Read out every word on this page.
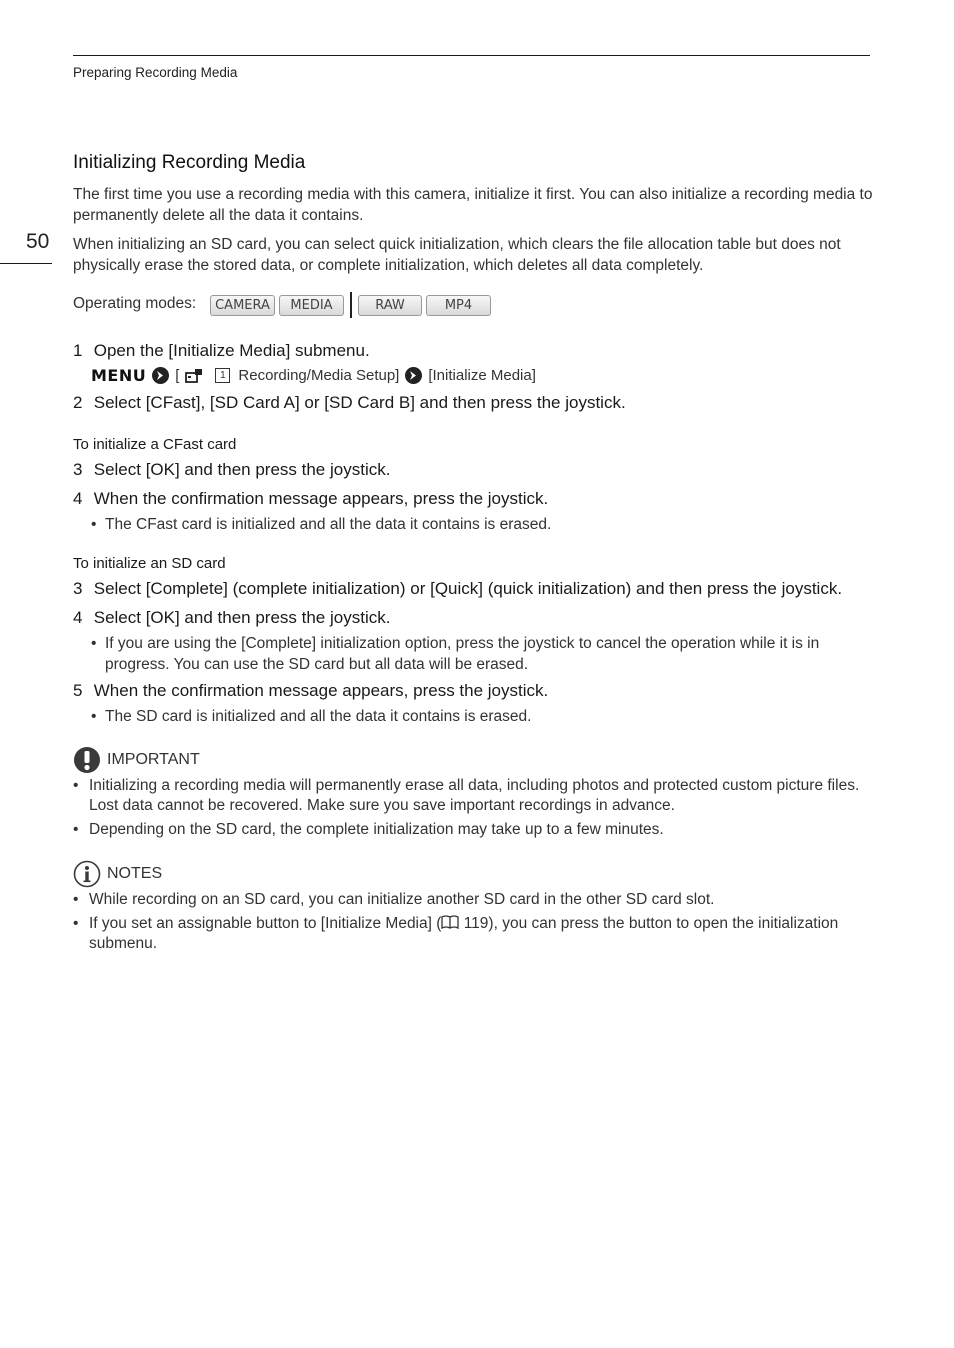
Preparing Recording Media
50
Initializing Recording Media
The first time you use a recording media with this camera, initialize it first. You can also initialize a recording media to permanently delete all the data it contains.
When initializing an SD card, you can select quick initialization, which clears the file allocation table but does not physically erase the stored data, or complete initialization, which deletes all data completely.
Operating modes:	CAMERA	MEDIA	RAW	MP4
1 Open the [Initialize Media] submenu.
MENU [	1 Recording/Media Setup] [Initialize Media]
2 Select [CFast], [SD Card A] or [SD Card B] and then press the joystick.
To initialize a CFast card
3 Select [OK] and then press the joystick.
4 When the confirmation message appears, press the joystick.
• The CFast card is initialized and all the data it contains is erased.
To initialize an SD card
3 Select [Complete] (complete initialization) or [Quick] (quick initialization) and then press the joystick.
4 Select [OK] and then press the joystick.
• If you are using the [Complete] initialization option, press the joystick to cancel the operation while it is in progress. You can use the SD card but all data will be erased.
5 When the confirmation message appears, press the joystick.
• The SD card is initialized and all the data it contains is erased.
IMPORTANT
• Initializing a recording media will permanently erase all data, including photos and protected custom picture files. Lost data cannot be recovered. Make sure you save important recordings in advance.
• Depending on the SD card, the complete initialization may take up to a few minutes.
NOTES
• While recording on an SD card, you can initialize another SD card in the other SD card slot.
• If you set an assignable button to [Initialize Media] ( 119), you can press the button to open the initialization submenu.
